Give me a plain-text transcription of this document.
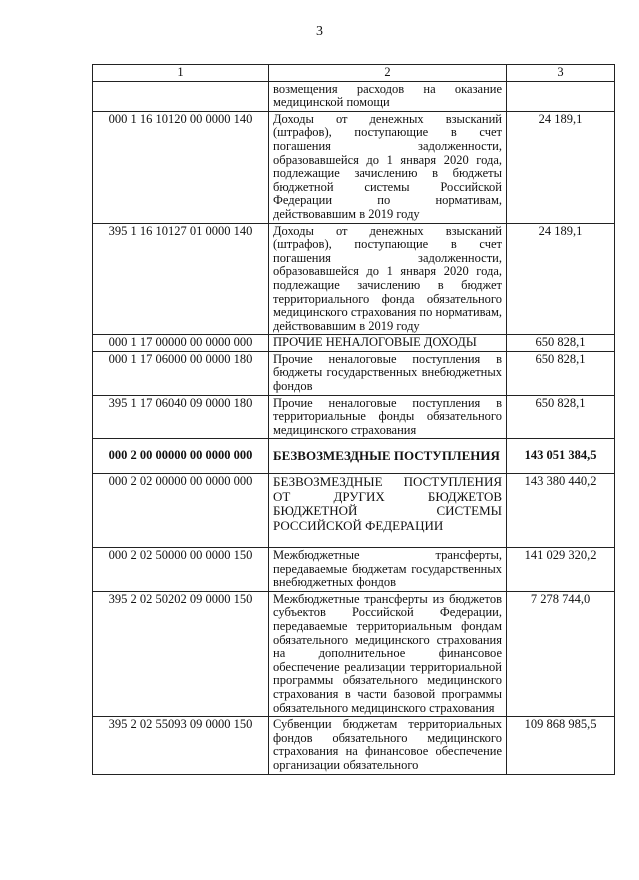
3
1	2	3
	возмещения расходов на оказание медицинской помощи	
000 1 16 10120 00 0000 140	Доходы от денежных взысканий (штрафов), поступающие в счет погашения задолженности, образовавшейся до 1 января 2020 года, подлежащие зачислению в бюджеты бюджетной системы Российской Федерации по нормативам, действовавшим в 2019 году	24 189,1
395 1 16 10127 01 0000 140	Доходы от денежных взысканий (штрафов), поступающие в счет погашения задолженности, образовавшейся до 1 января 2020 года, подлежащие зачислению в бюджет территориального фонда обязательного медицинского страхования по нормативам, действовавшим в 2019 году	24 189,1
000 1 17 00000 00 0000 000	ПРОЧИЕ НЕНАЛОГОВЫЕ ДОХОДЫ	650 828,1
000 1 17 06000 00 0000 180	Прочие неналоговые поступления в бюджеты государственных внебюджетных фондов	650 828,1
395 1 17 06040 09 0000 180	Прочие неналоговые поступления в территориальные фонды обязательного медицинского страхования	650 828,1
000 2 00 00000 00 0000 000	БЕЗВОЗМЕЗДНЫЕ ПОСТУПЛЕНИЯ	143 051 384,5
000 2 02 00000 00 0000 000	БЕЗВОЗМЕЗДНЫЕ ПОСТУПЛЕНИЯ ОТ ДРУГИХ БЮДЖЕТОВ БЮДЖЕТНОЙ СИСТЕМЫ РОССИЙСКОЙ ФЕДЕРАЦИИ	143 380 440,2
000 2 02 50000 00 0000 150	Межбюджетные трансферты, передаваемые бюджетам государственных внебюджетных фондов	141 029 320,2
395 2 02 50202 09 0000 150	Межбюджетные трансферты из бюджетов субъектов Российской Федерации, передаваемые территориальным фондам обязательного медицинского страхования на дополнительное финансовое обеспечение реализации территориальной программы обязательного медицинского страхования в части базовой программы обязательного медицинского страхования	7 278 744,0
395 2 02 55093 09 0000 150	Субвенции бюджетам территориальных фондов обязательного медицинского страхования на финансовое обеспечение организации обязательного	109 868 985,5
